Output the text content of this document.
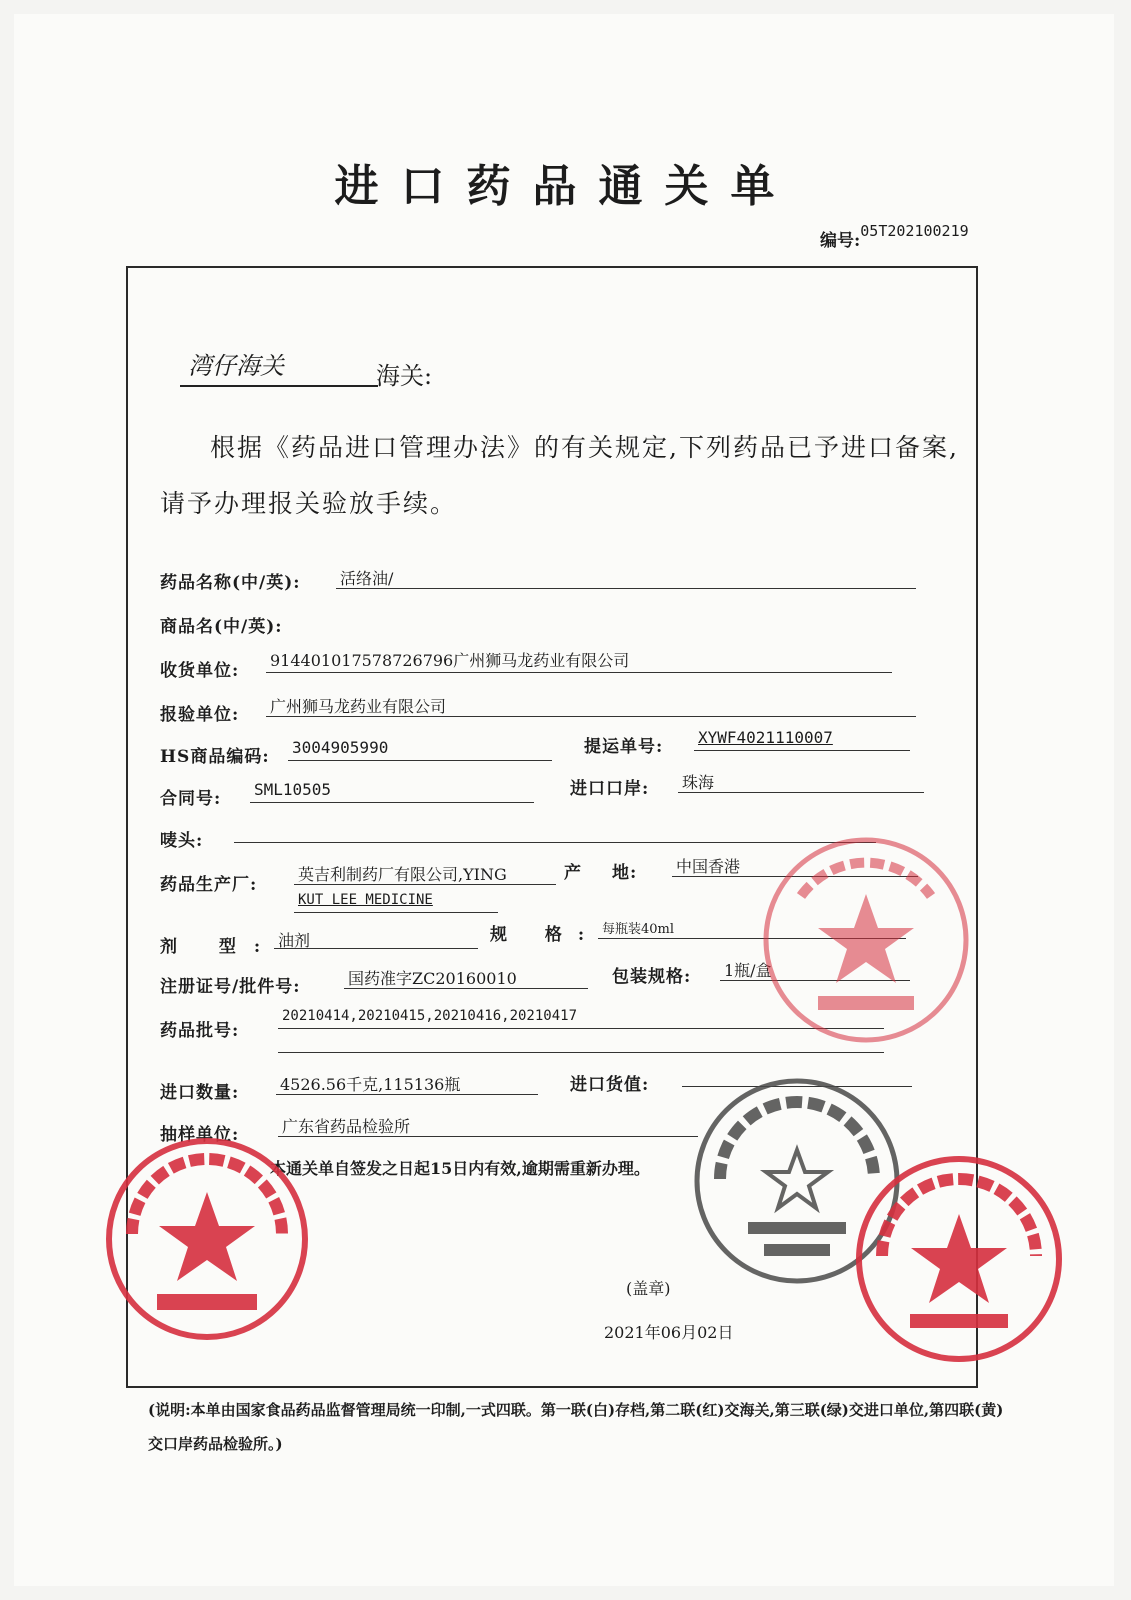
进口药品通关单
编号:05T202100219
湾仔海关	海关:
根据《药品进口管理办法》的有关规定,下列药品已予进口备案,请予办理报关验放手续。
药品名称(中/英): 活络油/
商品名(中/英):
收货单位:
914401017578726796广州狮马龙药业有限公司
报验单位: 广州狮马龙药业有限公司
HS商品编码: 3004905990	提运单号: XYWF4021110007
合同号: SML10505	进口口岸: 珠海
唛头:
药品生产厂:
英吉利制药厂有限公司,YING	产 地: 中国香港
KUT LEE MEDICINE
剂 型: 油剂	规 格: 每瓶装40ml
注册证号/批件号:	国药准字ZC20160010	包装规格: 1瓶/盒
药品批号:
20210414,20210415,20210416,20210417
进口数量:	4526.56千克,115136瓶	进口货值:
抽样单位:	广东省药品检验所
本通关单自签发之日起15日内有效,逾期需重新办理。
(盖章)
2021年06月02日
(说明:本单由国家食品药品监督管理局统一印制,一式四联。第一联(白)存档,第二联(红)交海关,第三联(绿)交进口单位,第四联(黄)交口岸药品检验所。)
